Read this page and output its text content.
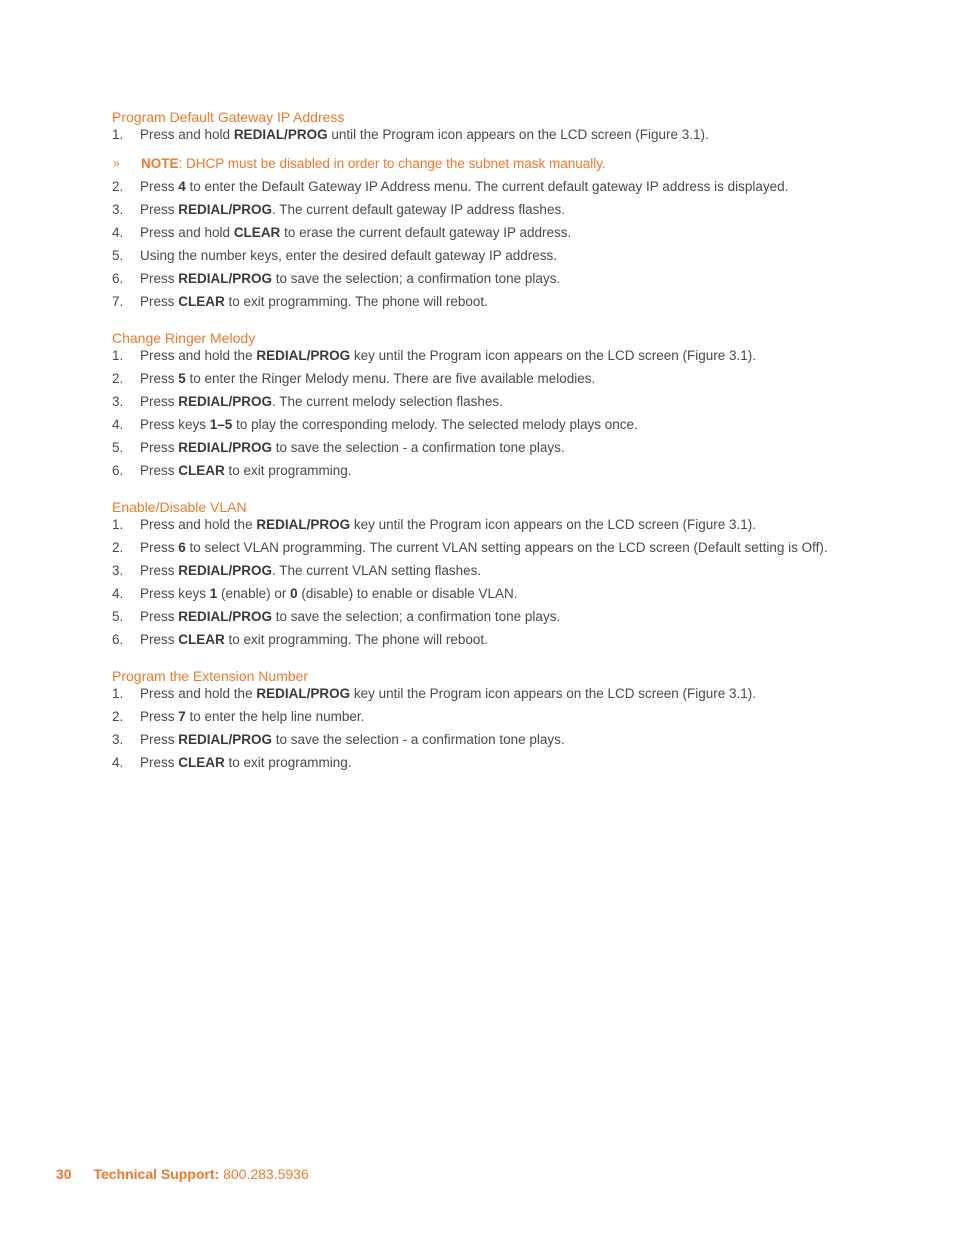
Program Default Gateway IP Address
1.	Press and hold REDIAL/PROG until the Program icon appears on the LCD screen (Figure 3.1).
»	NOTE: DHCP must be disabled in order to change the subnet mask manually.
2.	Press 4 to enter the Default Gateway IP Address menu. The current default gateway IP address is displayed.
3.	Press REDIAL/PROG. The current default gateway IP address flashes.
4.	Press and hold CLEAR to erase the current default gateway IP address.
5.	Using the number keys, enter the desired default gateway IP address.
6.	Press REDIAL/PROG to save the selection; a confirmation tone plays.
7.	Press CLEAR to exit programming. The phone will reboot.
Change Ringer Melody
1.	Press and hold the REDIAL/PROG key until the Program icon appears on the LCD screen (Figure 3.1).
2.	Press 5 to enter the Ringer Melody menu. There are five available melodies.
3.	Press REDIAL/PROG. The current melody selection flashes.
4.	Press keys 1–5 to play the corresponding melody. The selected melody plays once.
5.	Press REDIAL/PROG to save the selection - a confirmation tone plays.
6.	Press CLEAR to exit programming.
Enable/Disable VLAN
1.	Press and hold the REDIAL/PROG key until the Program icon appears on the LCD screen (Figure 3.1).
2.	Press 6 to select VLAN programming. The current VLAN setting appears on the LCD screen (Default setting is Off).
3.	Press REDIAL/PROG. The current VLAN setting flashes.
4.	Press keys 1 (enable) or 0 (disable) to enable or disable VLAN.
5.	Press REDIAL/PROG to save the selection; a confirmation tone plays.
6.	Press CLEAR to exit programming. The phone will reboot.
Program the Extension Number
1.	Press and hold the REDIAL/PROG key until the Program icon appears on the LCD screen (Figure 3.1).
2.	Press 7 to enter the help line number.
3.	Press REDIAL/PROG to save the selection - a confirmation tone plays.
4.	Press CLEAR to exit programming.
30 Technical Support: 800.283.5936
